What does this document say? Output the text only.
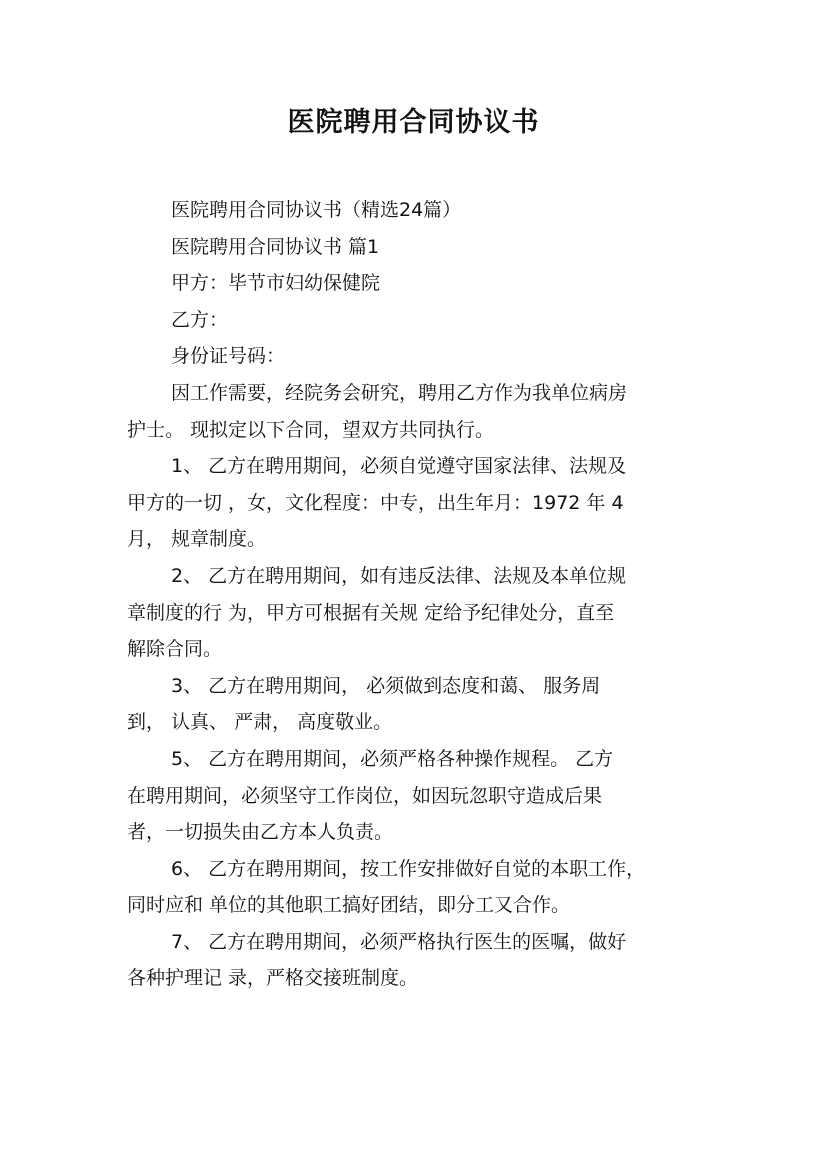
医院聘用合同协议书
医院聘用合同协议书（精选24篇）
医院聘用合同协议书 篇1
甲方：毕节市妇幼保健院
乙方：
身份证号码：
因工作需要，经院务会研究，聘用乙方作为我单位病房
护士。 现拟定以下合同，望双方共同执行。
1、 乙方在聘用期间，必须自觉遵守国家法律、法规及
甲方的一切 ，女，文化程度：中专，出生年月：1972 年 4
月， 规章制度。
2、 乙方在聘用期间，如有违反法律、法规及本单位规
章制度的行 为，甲方可根据有关规 定给予纪律处分，直至
解除合同。
3、 乙方在聘用期间， 必须做到态度和蔼、 服务周
到， 认真、 严肃， 高度敬业。
5、 乙方在聘用期间，必须严格各种操作规程。 乙方
在聘用期间，必须坚守工作岗位，如因玩忽职守造成后果
者，一切损失由乙方本人负责。
6、 乙方在聘用期间，按工作安排做好自觉的本职工作，
同时应和 单位的其他职工搞好团结，即分工又合作。
7、 乙方在聘用期间，必须严格执行医生的医嘱，做好
各种护理记 录，严格交接班制度。
